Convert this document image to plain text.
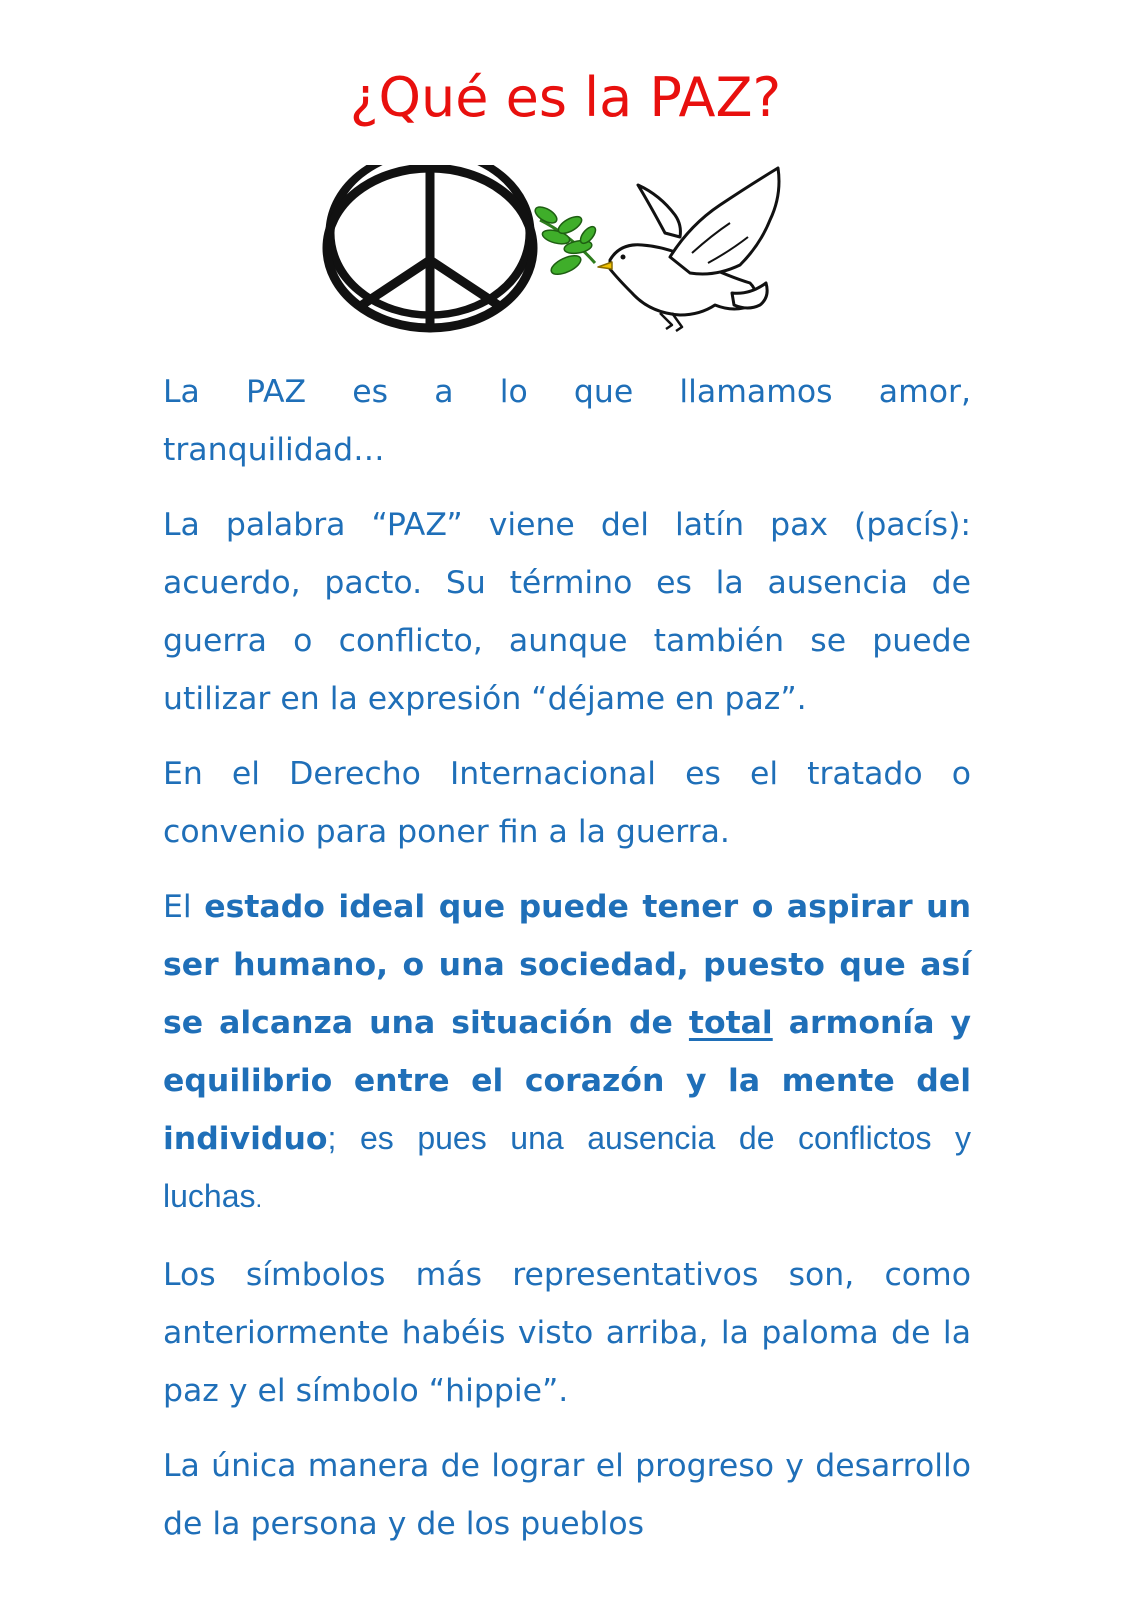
¿Qué es la PAZ?

La PAZ es a lo que llamamos amor,
tranquilidad…

La palabra “PAZ” viene del latín pax (pacís): acuerdo, pacto. Su término es la ausencia de guerra o conflicto, aunque también se puede utilizar en la expresión “déjame en paz”.

En el Derecho Internacional es el tratado o convenio para poner fin a la guerra.

El estado ideal que puede tener o aspirar un ser humano, o una sociedad, puesto que así se alcanza una situación de total armonía y equilibrio entre el corazón y la mente del individuo; es pues una ausencia de conflictos y luchas.

Los símbolos más representativos son, como anteriormente habéis visto arriba, la paloma de la paz y el símbolo “hippie”.

La única manera de lograr el progreso y desarrollo de la persona y de los pueblos
